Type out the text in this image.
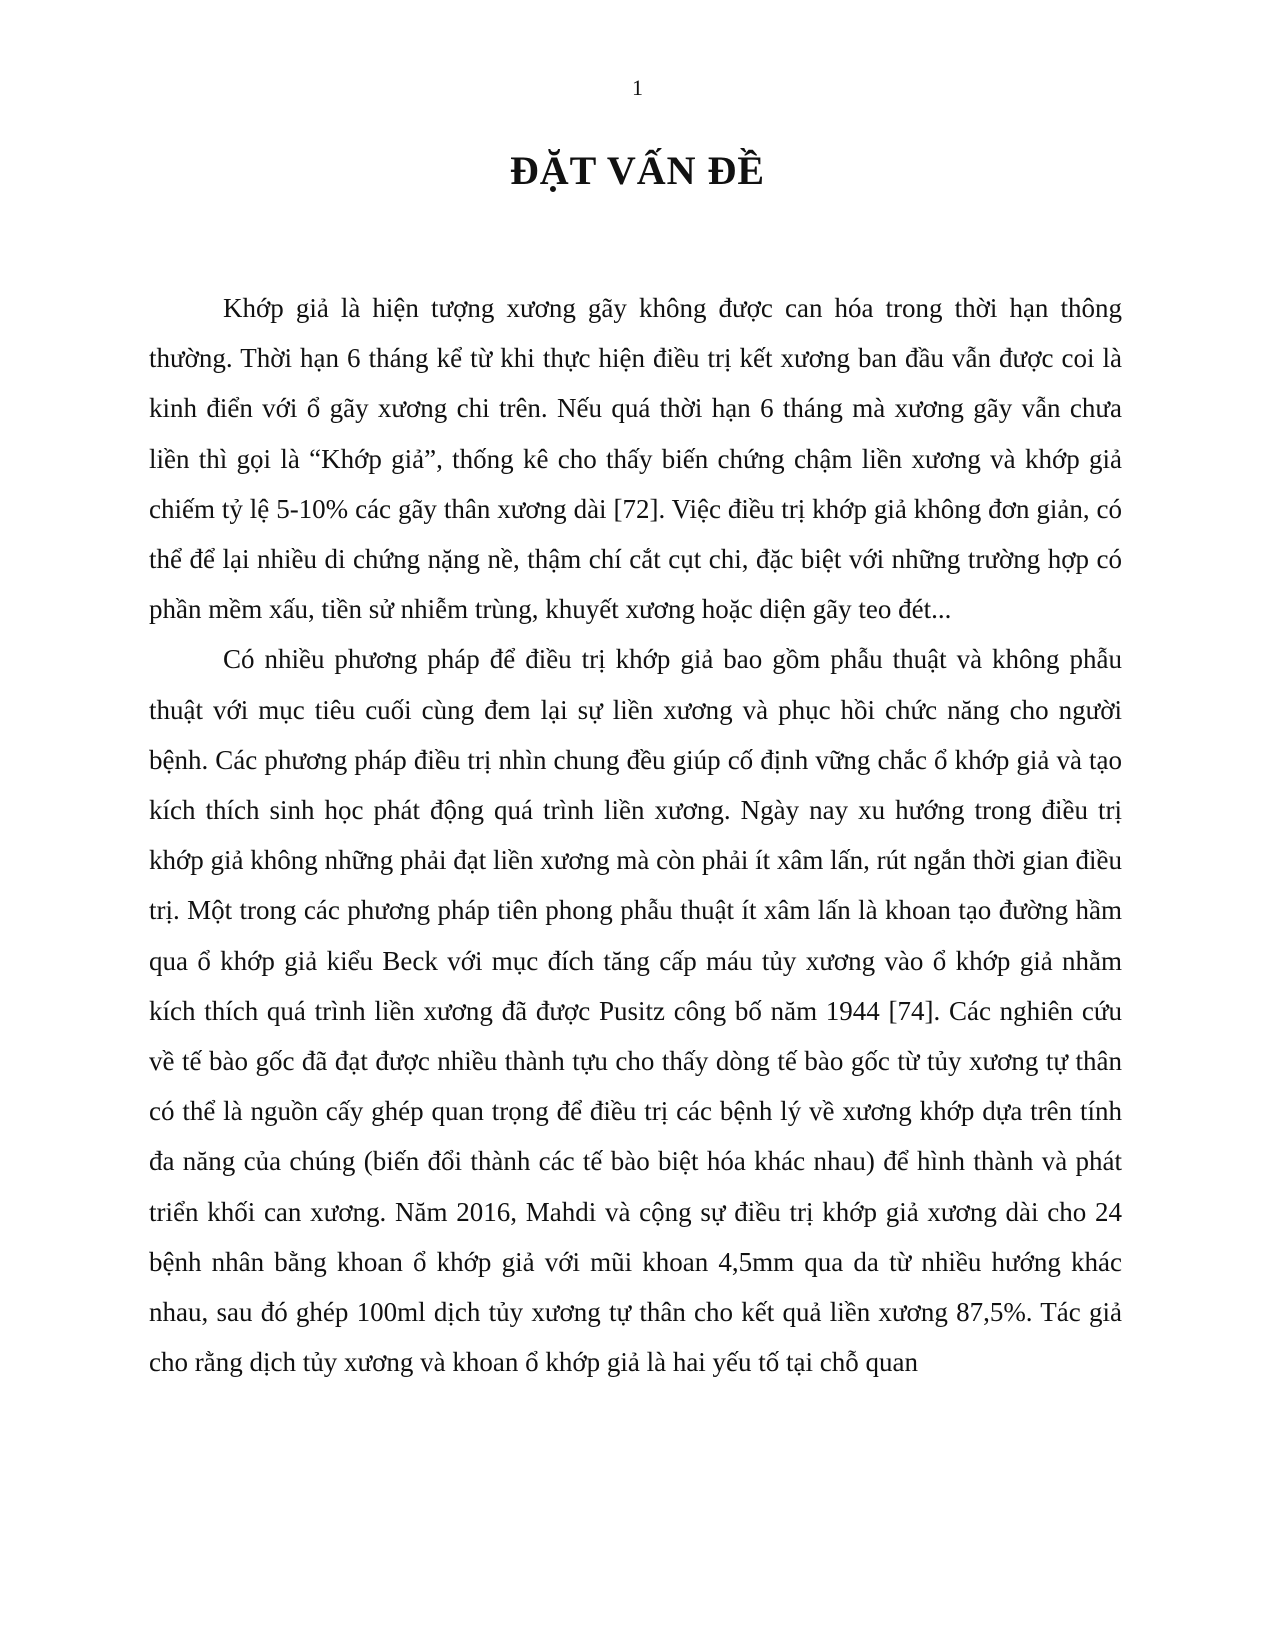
1
ĐẶT VẤN ĐỀ

Khớp giả là hiện tượng xương gãy không được can hóa trong thời hạn thông thường. Thời hạn 6 tháng kể từ khi thực hiện điều trị kết xương ban đầu vẫn được coi là kinh điển với ổ gãy xương chi trên. Nếu quá thời hạn 6 tháng mà xương gãy vẫn chưa liền thì gọi là “Khớp giả”, thống kê cho thấy biến chứng chậm liền xương và khớp giả chiếm tỷ lệ 5-10% các gãy thân xương dài [72]. Việc điều trị khớp giả không đơn giản, có thể để lại nhiều di chứng nặng nề, thậm chí cắt cụt chi, đặc biệt với những trường hợp có phần mềm xấu, tiền sử nhiễm trùng, khuyết xương hoặc diện gãy teo đét...

Có nhiều phương pháp để điều trị khớp giả bao gồm phẫu thuật và không phẫu thuật với mục tiêu cuối cùng đem lại sự liền xương và phục hồi chức năng cho người bệnh. Các phương pháp điều trị nhìn chung đều giúp cố định vững chắc ổ khớp giả và tạo kích thích sinh học phát động quá trình liền xương. Ngày nay xu hướng trong điều trị khớp giả không những phải đạt liền xương mà còn phải ít xâm lấn, rút ngắn thời gian điều trị. Một trong các phương pháp tiên phong phẫu thuật ít xâm lấn là khoan tạo đường hầm qua ổ khớp giả kiểu Beck với mục đích tăng cấp máu tủy xương vào ổ khớp giả nhằm kích thích quá trình liền xương đã được Pusitz công bố năm 1944 [74]. Các nghiên cứu về tế bào gốc đã đạt được nhiều thành tựu cho thấy dòng tế bào gốc từ tủy xương tự thân có thể là nguồn cấy ghép quan trọng để điều trị các bệnh lý về xương khớp dựa trên tính đa năng của chúng (biến đổi thành các tế bào biệt hóa khác nhau) để hình thành và phát triển khối can xương. Năm 2016, Mahdi và cộng sự điều trị khớp giả xương dài cho 24 bệnh nhân bằng khoan ổ khớp giả với mũi khoan 4,5mm qua da từ nhiều hướng khác nhau, sau đó ghép 100ml dịch tủy xương tự thân cho kết quả liền xương 87,5%. Tác giả cho rằng dịch tủy xương và khoan ổ khớp giả là hai yếu tố tại chỗ quan
